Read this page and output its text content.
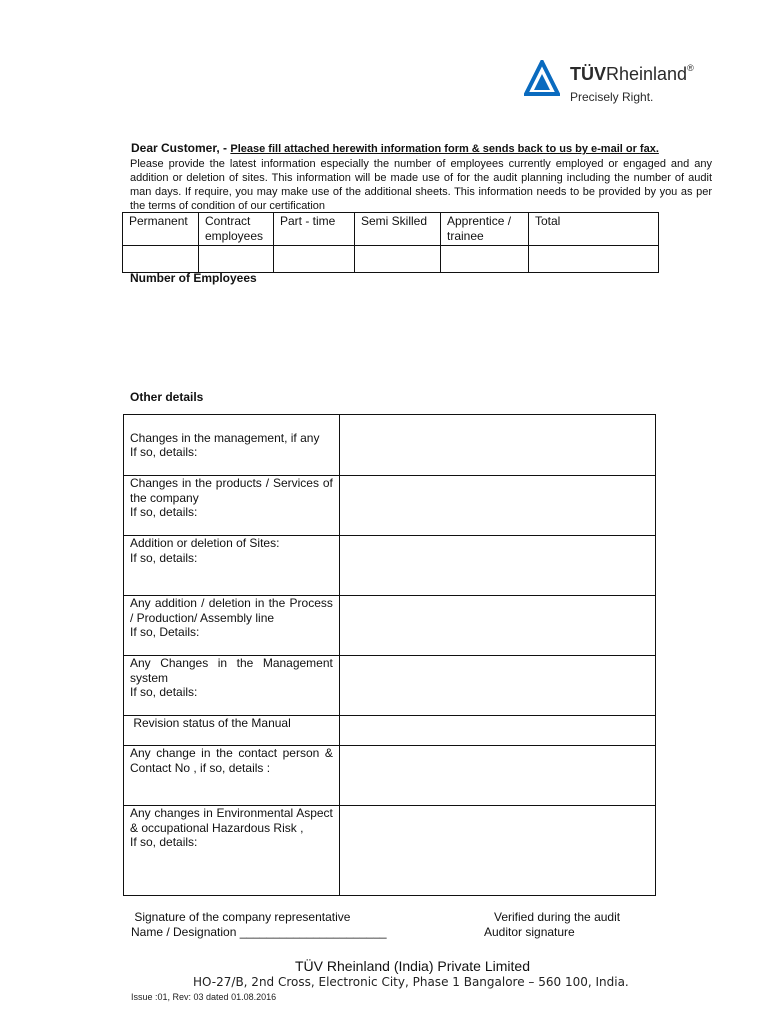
TÜVRheinland®
Precisely Right.
Dear Customer, - Please fill attached herewith information form & sends back to us by e-mail or fax.
Please provide the latest information especially the number of employees currently employed or engaged and any addition or deletion of sites. This information will be made use of for the audit planning including the number of audit man days. If require, you may make use of the additional sheets. This information needs to be provided by you as per the terms of condition of our certification
Permanent	Contract employees	Part - time	Semi Skilled	Apprentice / trainee	Total

Number of Employees
Other details
Changes in the management, if any
If so, details:	
Changes in the products / Services of the company
If so, details:	
Addition or deletion of Sites:
If so, details:	
Any addition / deletion in the Process / Production/ Assembly line
If so, Details:	
Any Changes in the Management system
If so, details:	
Revision status of the Manual	
Any change in the contact person & Contact No , if so, details :	
Any changes in Environmental Aspect & occupational Hazardous Risk ,
If so, details:	
Signature of the company representative
Name / Designation ______________________
Verified during the audit
Auditor signature
TÜV Rheinland (India) Private Limited
HO-27/B, 2nd Cross, Electronic City, Phase 1 Bangalore – 560 100, India.
Issue :01, Rev: 03 dated 01.08.2016
